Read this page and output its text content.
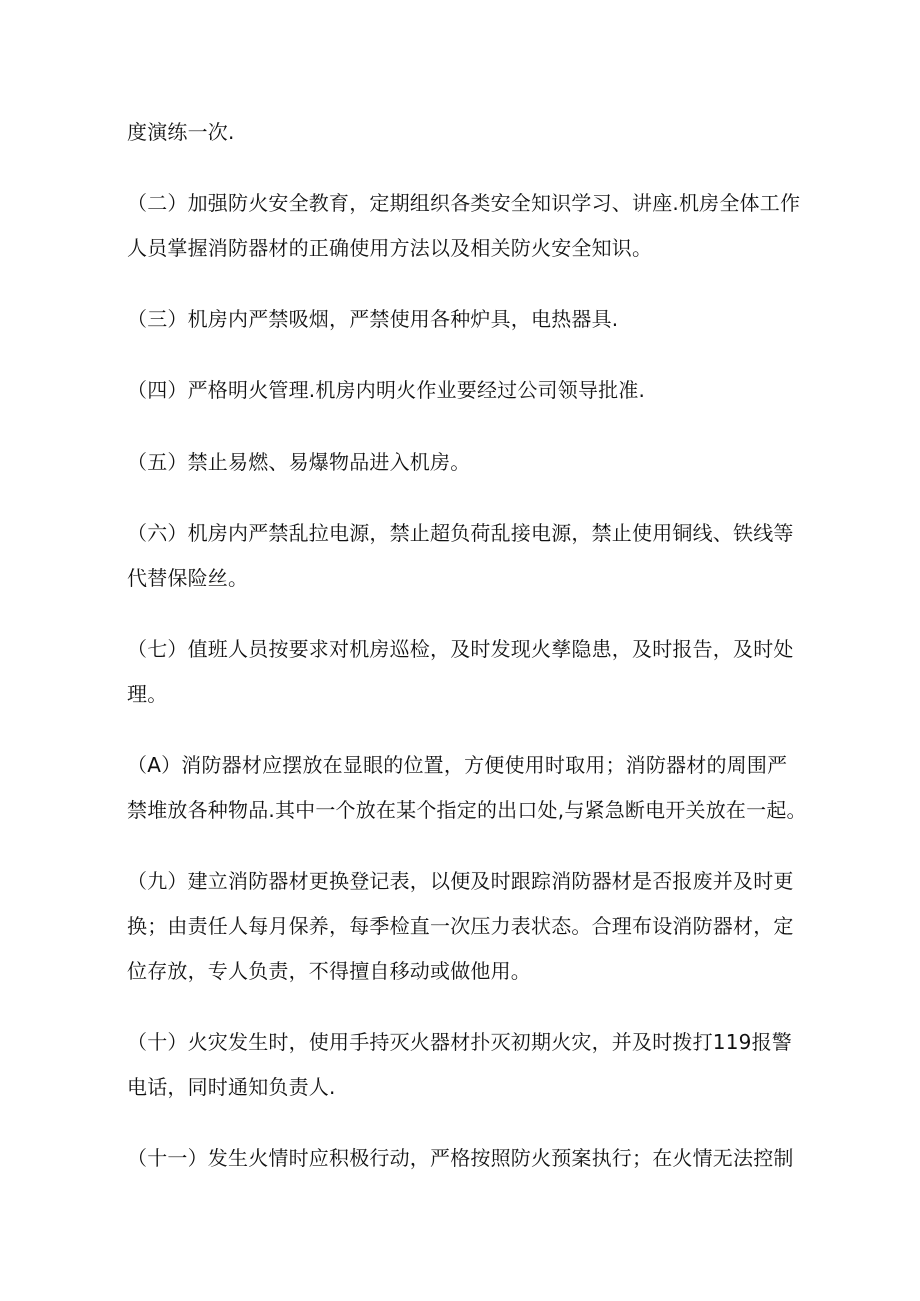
度演练一次.
（二）加强防火安全教育，定期组织各类安全知识学习、讲座.机房全体工作
人员掌握消防器材的正确使用方法以及相关防火安全知识。
（三）机房内严禁吸烟，严禁使用各种炉具，电热器具.
（四）严格明火管理.机房内明火作业要经过公司领导批准.
（五）禁止易燃、易爆物品进入机房。
（六）机房内严禁乱拉电源，禁止超负荷乱接电源，禁止使用铜线、铁线等
代替保险丝。
（七）值班人员按要求对机房巡检，及时发现火孳隐患，及时报告，及时处
理。
（A）消防器材应摆放在显眼的位置，方便使用时取用；消防器材的周围严
禁堆放各种物品.其中一个放在某个指定的出口处,与紧急断电开关放在一起。
（九）建立消防器材更换登记表，以便及时跟踪消防器材是否报废并及时更
换；由责任人每月保养，每季检直一次压力表状态。合理布设消防器材，定
位存放，专人负责，不得擅自移动或做他用。
（十）火灾发生时，使用手持灭火器材扑灭初期火灾，并及时拨打119报警
电话，同时通知负责人.
（十一）发生火情时应积极行动，严格按照防火预案执行；在火情无法控制
